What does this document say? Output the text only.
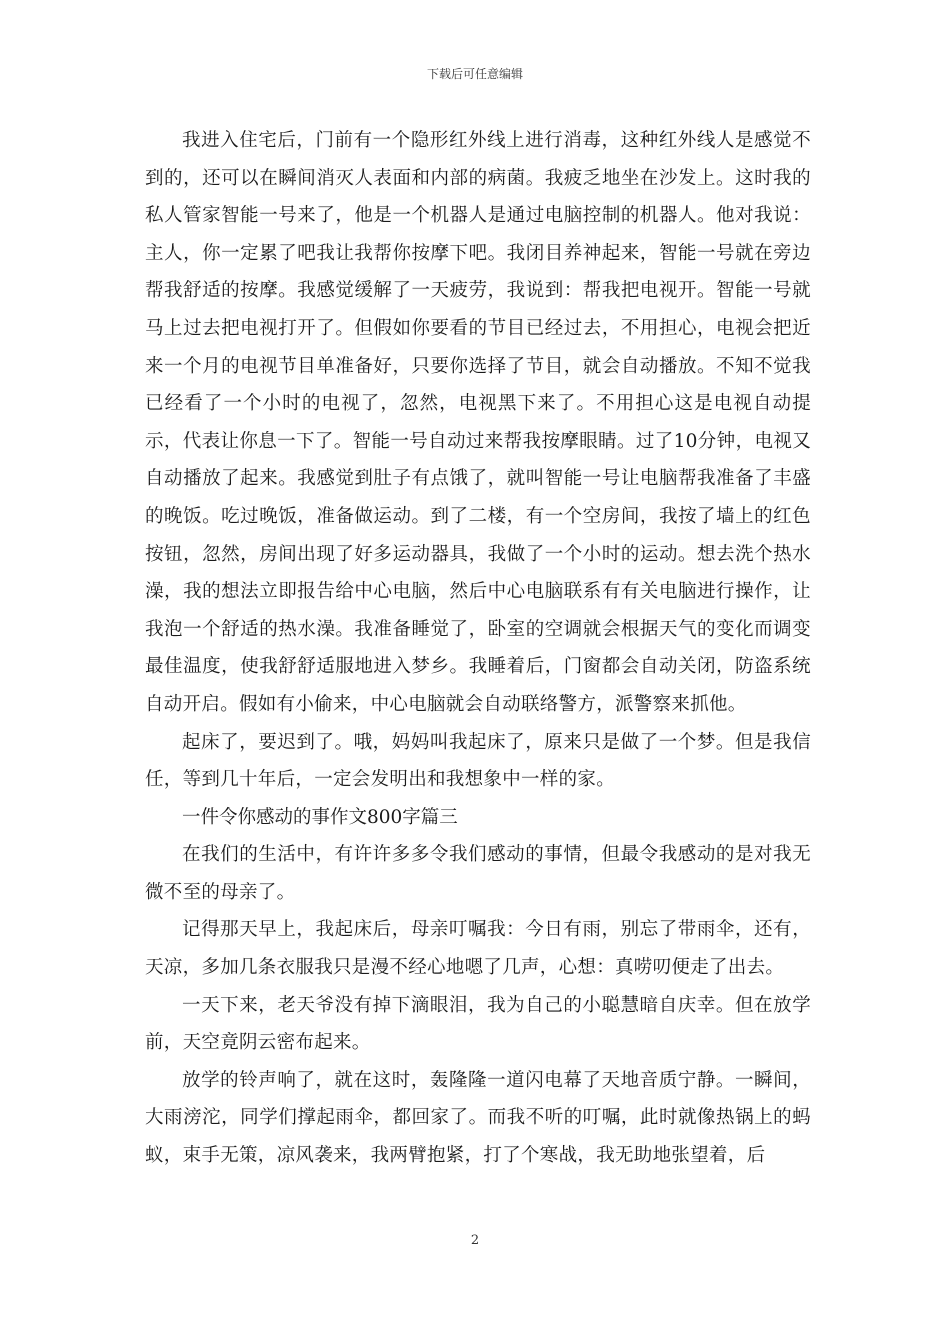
下载后可任意编辑

我进入住宅后，门前有一个隐形红外线上进行消毒，这种红外线人是感觉不到的，还可以在瞬间消灭人表面和内部的病菌。我疲乏地坐在沙发上。这时我的私人管家智能一号来了，他是一个机器人是通过电脑控制的机器人。他对我说：主人，你一定累了吧我让我帮你按摩下吧。我闭目养神起来，智能一号就在旁边帮我舒适的按摩。我感觉缓解了一天疲劳，我说到：帮我把电视开。智能一号就马上过去把电视打开了。但假如你要看的节目已经过去，不用担心，电视会把近来一个月的电视节目单准备好，只要你选择了节目，就会自动播放。不知不觉我已经看了一个小时的电视了，忽然，电视黑下来了。不用担心这是电视自动提示，代表让你息一下了。智能一号自动过来帮我按摩眼睛。过了10分钟，电视又自动播放了起来。我感觉到肚子有点饿了，就叫智能一号让电脑帮我准备了丰盛的晚饭。吃过晚饭，准备做运动。到了二楼，有一个空房间，我按了墙上的红色按钮，忽然，房间出现了好多运动器具，我做了一个小时的运动。想去洗个热水澡，我的想法立即报告给中心电脑，然后中心电脑联系有有关电脑进行操作，让我泡一个舒适的热水澡。我准备睡觉了，卧室的空调就会根据天气的变化而调变最佳温度，使我舒舒适服地进入梦乡。我睡着后，门窗都会自动关闭，防盗系统自动开启。假如有小偷来，中心电脑就会自动联络警方，派警察来抓他。

起床了，要迟到了。哦，妈妈叫我起床了，原来只是做了一个梦。但是我信任，等到几十年后，一定会发明出和我想象中一样的家。

一件令你感动的事作文800字篇三

在我们的生活中，有许许多多令我们感动的事情，但最令我感动的是对我无微不至的母亲了。

记得那天早上，我起床后，母亲叮嘱我：今日有雨，别忘了带雨伞，还有，天凉，多加几条衣服我只是漫不经心地嗯了几声，心想：真唠叨便走了出去。

一天下来，老天爷没有掉下滴眼泪，我为自己的小聪慧暗自庆幸。但在放学前，天空竟阴云密布起来。

放学的铃声响了，就在这时，轰隆隆一道闪电幕了天地音质宁静。一瞬间，大雨滂沱，同学们撑起雨伞，都回家了。而我不听的叮嘱，此时就像热锅上的蚂蚁，束手无策，凉风袭来，我两臂抱紧，打了个寒战，我无助地张望着，后

2
